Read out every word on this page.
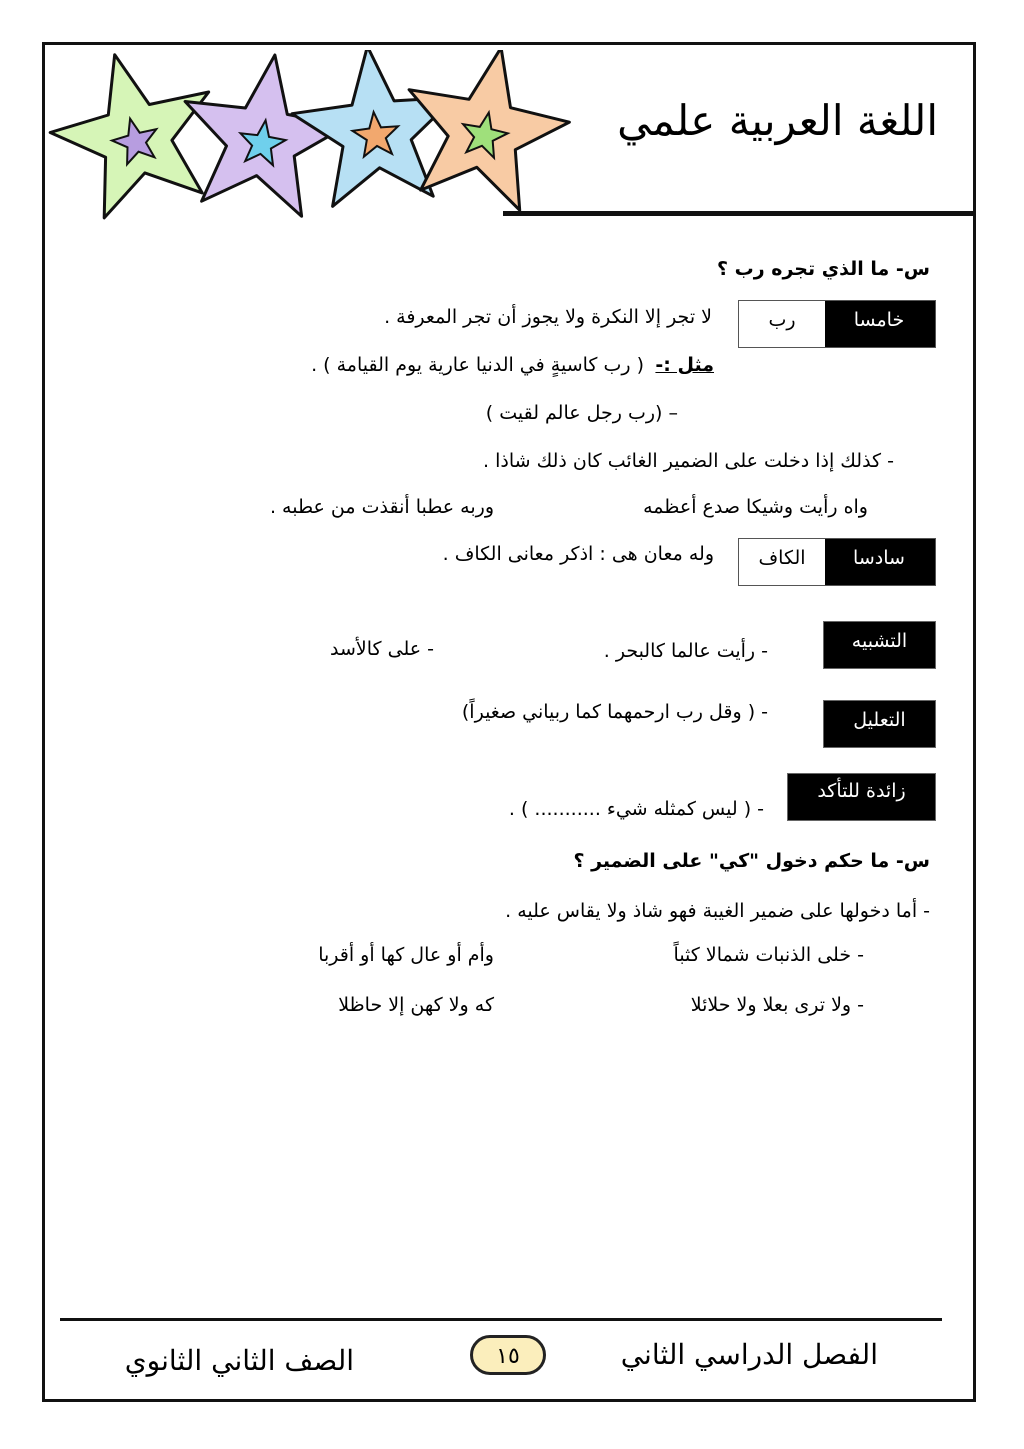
اللغة العربية علمي
س- ما الذي تجره رب ؟
خامسا
رب
لا تجر إلا النكرة ولا يجوز أن تجر المعرفة .
مثل :-
( رب كاسيةٍ في الدنيا عارية يوم القيامة ) .
– (رب رجل عالم لقيت )
- كذلك إذا دخلت على الضمير الغائب كان ذلك شاذا .
واه رأيت وشيكا صدع أعظمه
وربه عطبا أنقذت من عطبه .
سادسا
الكاف
وله معان هى : اذكر معانى الكاف .
التشبيه
- رأيت عالما كالبحر .
- على كالأسد
التعليل
- ( وقل رب ارحمهما كما ربياني صغيراً)
زائدة للتأكد
- ( ليس كمثله شيء ........... ) .
س- ما حكم دخول "كي" على الضمير ؟
- أما دخولها على ضمير الغيبة فهو شاذ ولا يقاس عليه .
- خلى الذنبات شمالا كثباً
وأم أو عال كها أو أقربا
- ولا ترى بعلا ولا حلائلا
كه ولا كهن إلا حاظلا
الفصل الدراسي الثاني
١٥
الصف الثاني الثانوي
